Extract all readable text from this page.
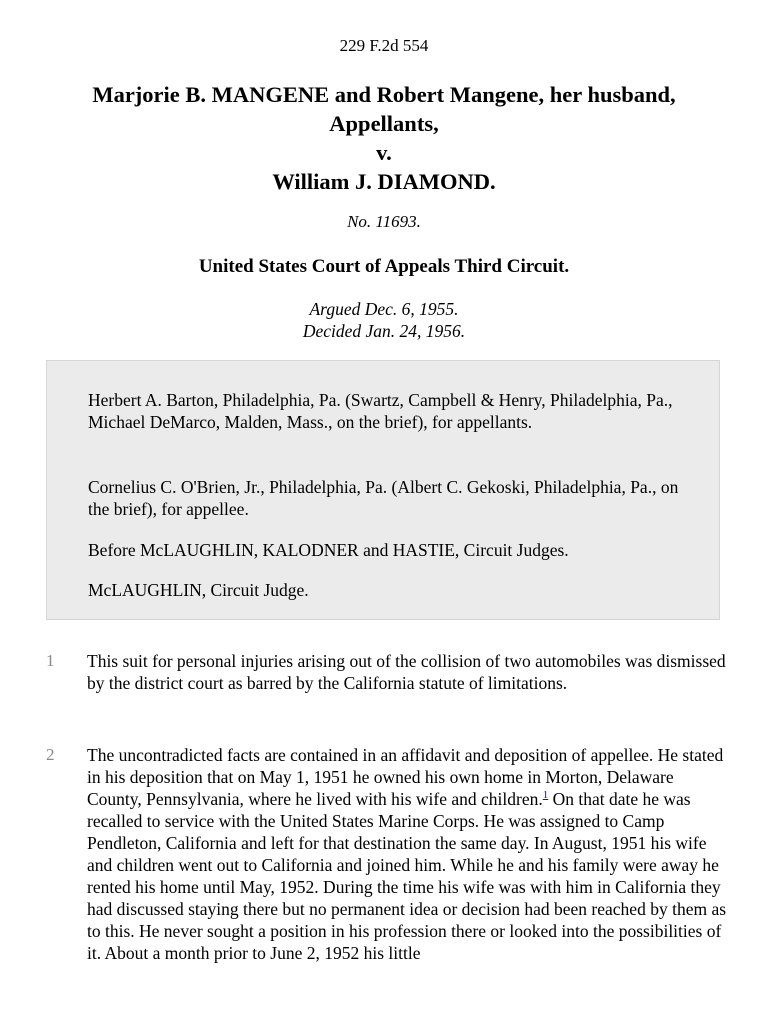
229 F.2d 554
Marjorie B. MANGENE and Robert Mangene, her husband,
Appellants,
v.
William J. DIAMOND.
No. 11693.
United States Court of Appeals Third Circuit.
Argued Dec. 6, 1955.
Decided Jan. 24, 1956.

Herbert A. Barton, Philadelphia, Pa. (Swartz, Campbell & Henry, Philadelphia, Pa., Michael DeMarco, Malden, Mass., on the brief), for appellants.

Cornelius C. O'Brien, Jr., Philadelphia, Pa. (Albert C. Gekoski, Philadelphia, Pa., on the brief), for appellee.

Before McLAUGHLIN, KALODNER and HASTIE, Circuit Judges.

McLAUGHLIN, Circuit Judge.

1 This suit for personal injuries arising out of the collision of two automobiles was dismissed by the district court as barred by the California statute of limitations.

2 The uncontradicted facts are contained in an affidavit and deposition of appellee. He stated in his deposition that on May 1, 1951 he owned his own home in Morton, Delaware County, Pennsylvania, where he lived with his wife and children.$^1$ On that date he was recalled to service with the United States Marine Corps. He was assigned to Camp Pendleton, California and left for that destination the same day. In August, 1951 his wife and children went out to California and joined him. While he and his family were away he rented his home until May, 1952. During the time his wife was with him in California they had discussed staying there but no permanent idea or decision had been reached by them as to this. He never sought a position in his profession there or looked into the possibilities of it. About a month prior to June 2, 1952 his little
